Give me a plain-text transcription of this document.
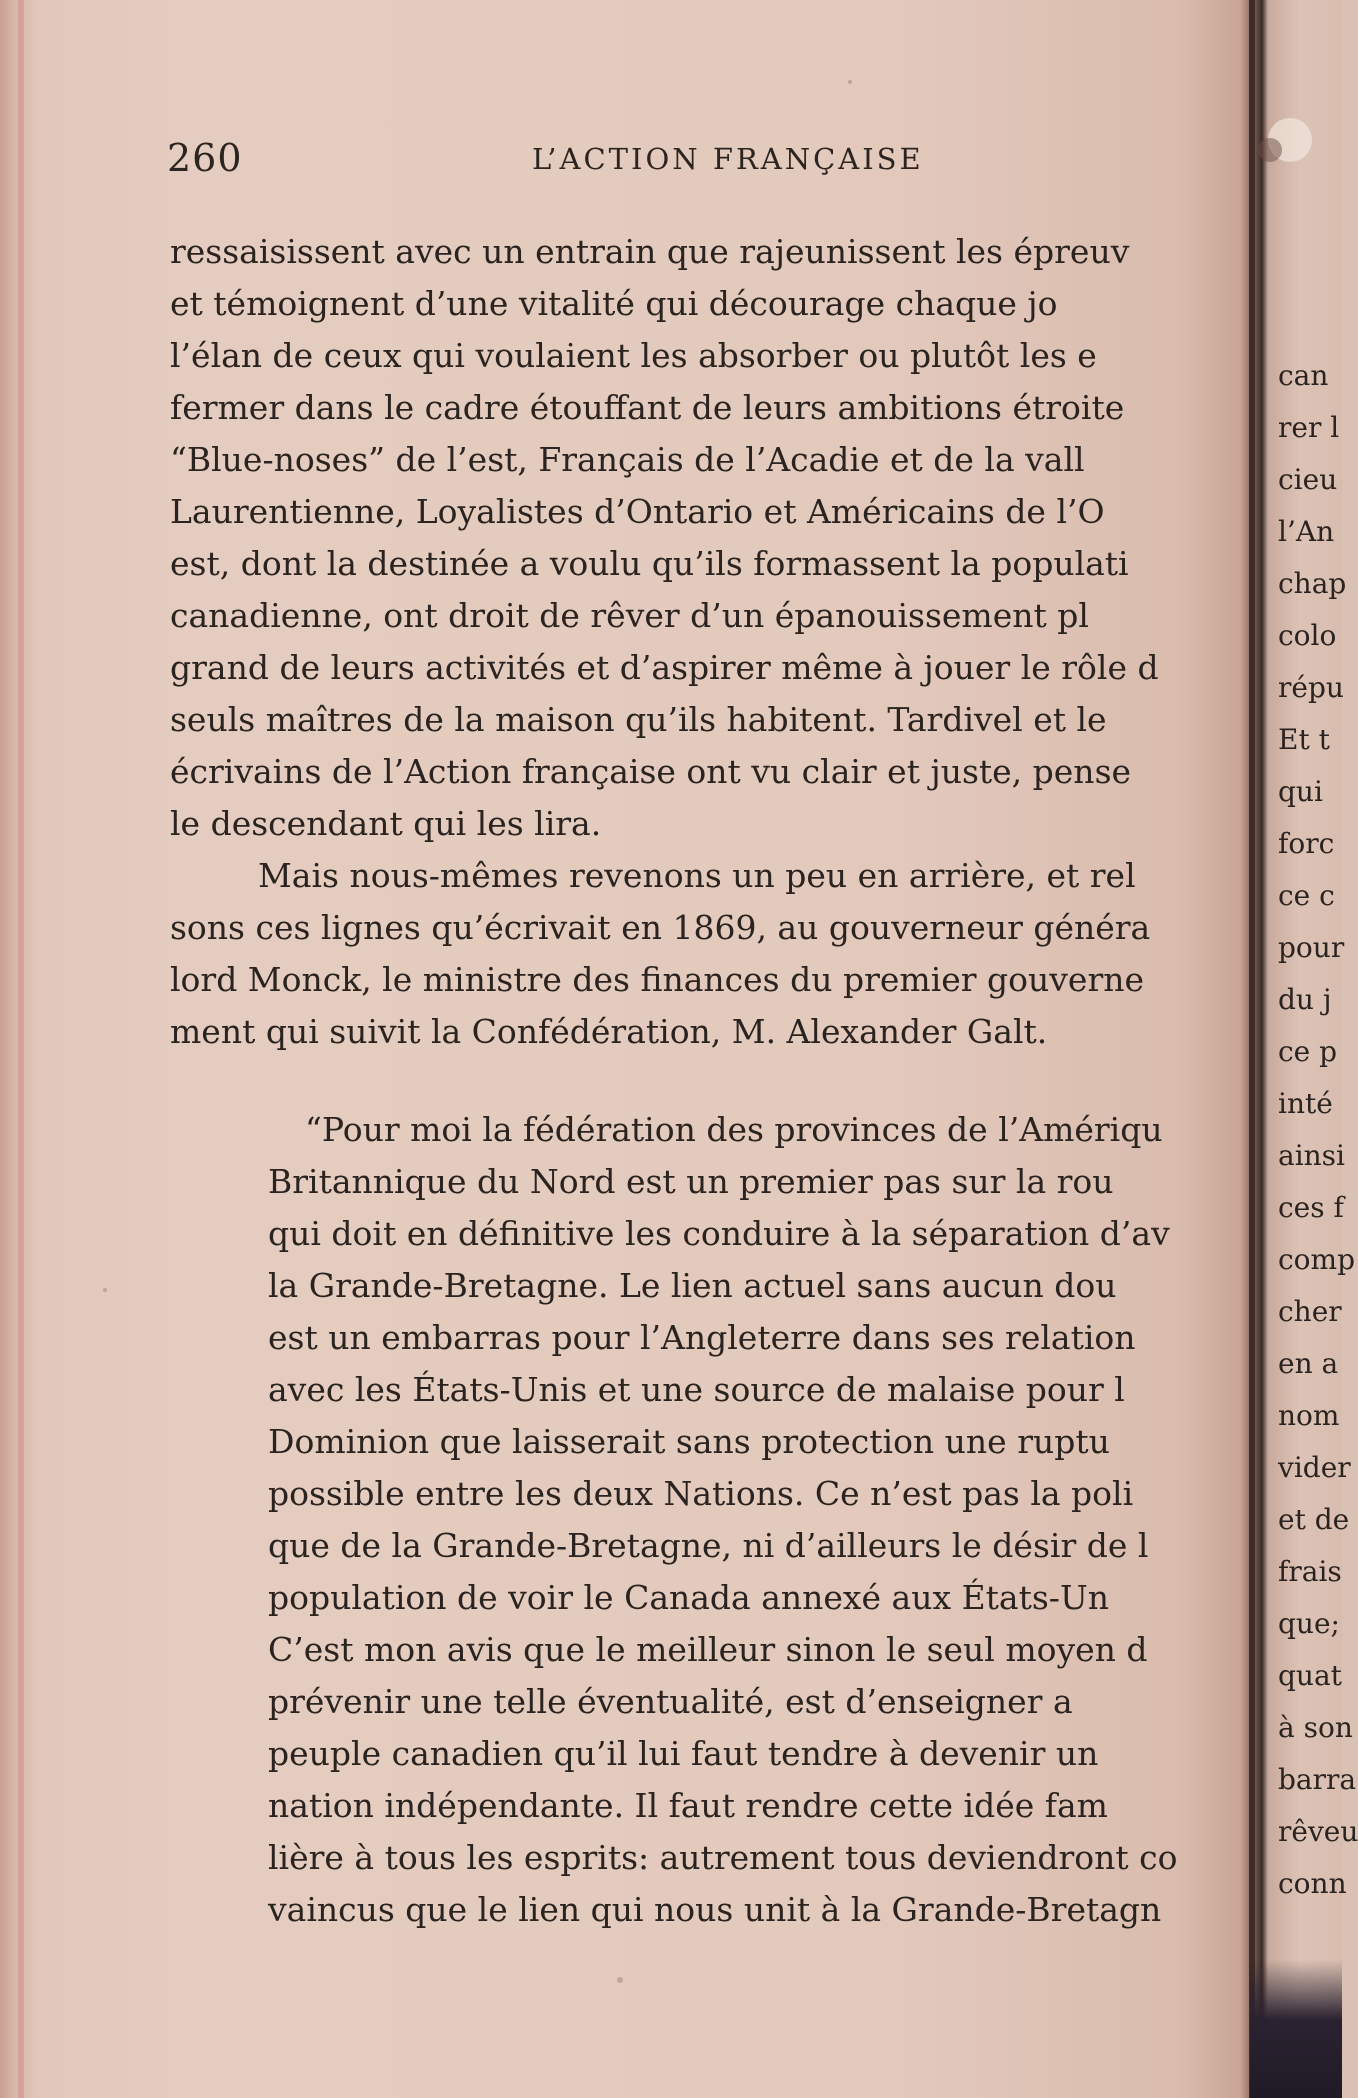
260	L’ACTION FRANÇAISE
ressaisissent avec un entrain que rajeunissent les épreuv
et témoignent d’une vitalité qui décourage chaque jo
l’élan de ceux qui voulaient les absorber ou plutôt les e
fermer dans le cadre étouffant de leurs ambitions étroite
“Blue-noses” de l’est, Français de l’Acadie et de la vall
Laurentienne, Loyalistes d’Ontario et Américains de l’O
est, dont la destinée a voulu qu’ils formassent la populati
canadienne, ont droit de rêver d’un épanouissement pl
grand de leurs activités et d’aspirer même à jouer le rôle d
seuls maîtres de la maison qu’ils habitent. Tardivel et le
écrivains de l’Action française ont vu clair et juste, pense
le descendant qui les lira.
Mais nous-mêmes revenons un peu en arrière, et rel
sons ces lignes qu’écrivait en 1869, au gouverneur généra
lord Monck, le ministre des finances du premier gouverne
ment qui suivit la Confédération, M. Alexander Galt.
“Pour moi la fédération des provinces de l’Amériqu
Britannique du Nord est un premier pas sur la rou
qui doit en définitive les conduire à la séparation d’av
la Grande-Bretagne. Le lien actuel sans aucun dou
est un embarras pour l’Angleterre dans ses relation
avec les États-Unis et une source de malaise pour l
Dominion que laisserait sans protection une ruptu
possible entre les deux Nations. Ce n’est pas la poli
que de la Grande-Bretagne, ni d’ailleurs le désir de l
population de voir le Canada annexé aux États-Un
C’est mon avis que le meilleur sinon le seul moyen d
prévenir une telle éventualité, est d’enseigner a
peuple canadien qu’il lui faut tendre à devenir un
nation indépendante. Il faut rendre cette idée fam
lière à tous les esprits: autrement tous deviendront co
vaincus que le lien qui nous unit à la Grande-Bretagn
can
rer l
cieu
l’An
chap
colo
répu
Et t
qui
forc
ce c
pour
du j
ce p
inté
ainsi
ces f
comp
cher
en a
nom
vider
et de
frais
que;
quat
à son
barra
rêveu
conn
